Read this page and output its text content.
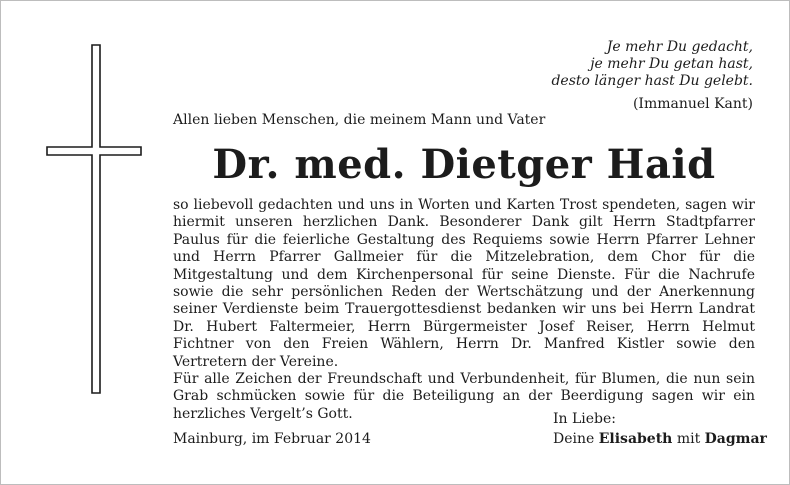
Je mehr Du gedacht,
je mehr Du getan hast,
desto länger hast Du gelebt.
(Immanuel Kant)
Allen lieben Menschen, die meinem Mann und Vater
Dr. med. Dietger Haid

so liebevoll gedachten und uns in Worten und Karten Trost spendeten, sagen wir hiermit unseren herzlichen Dank. Besonderer Dank gilt Herrn Stadtpfarrer Paulus für die feierliche Gestaltung des Requiems sowie Herrn Pfarrer Lehner und Herrn Pfarrer Gallmeier für die Mitzelebration, dem Chor für die Mitgestaltung und dem Kirchenpersonal für seine Dienste. Für die Nachrufe sowie die sehr persönlichen Reden der Wertschätzung und der Anerkennung seiner Verdienste beim Trauergottesdienst bedanken wir uns bei Herrn Landrat Dr. Hubert Faltermeier, Herrn Bürgermeister Josef Reiser, Herrn Helmut Fichtner von den Freien Wählern, Herrn Dr. Manfred Kistler sowie den Vertretern der Vereine.

Für alle Zeichen der Freundschaft und Verbundenheit, für Blumen, die nun sein Grab schmücken sowie für die Beteiligung an der Beerdigung sagen wir ein herzliches Vergelt’s Gott.	In Liebe:
Mainburg, im Februar 2014	Deine Elisabeth mit Dagmar
